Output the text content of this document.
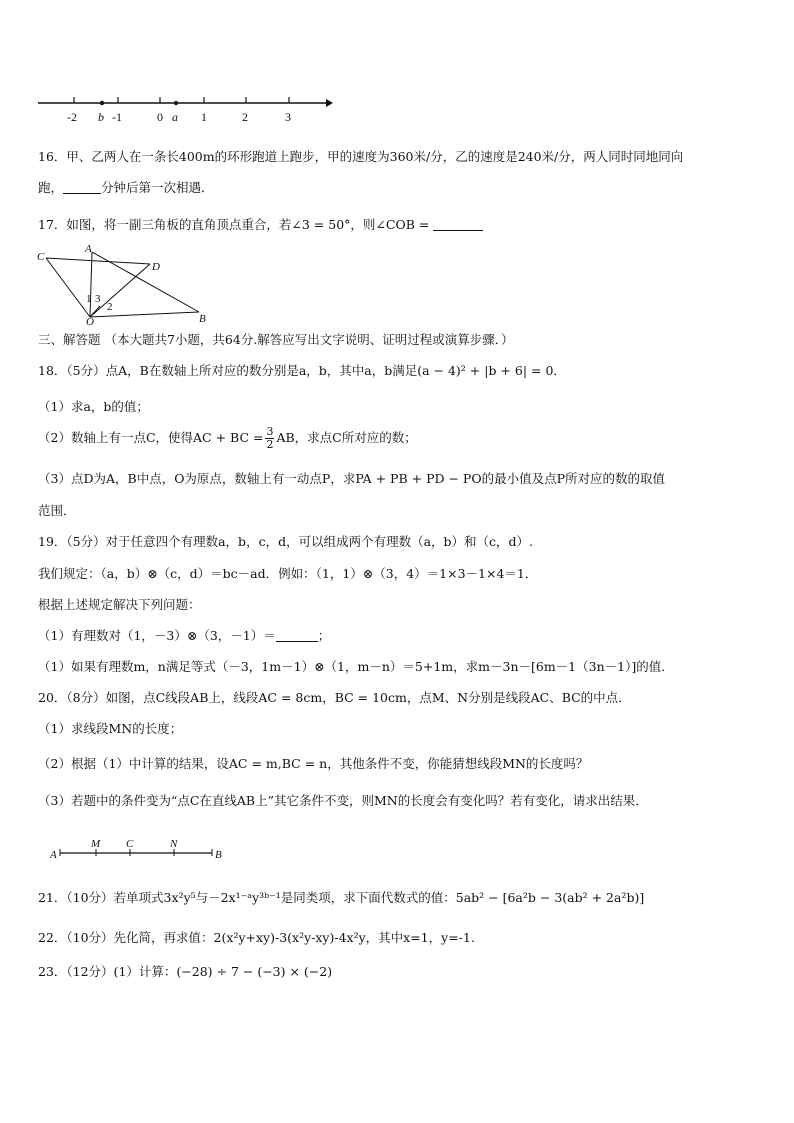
-2 b -1	0 a 1	2	3
16．甲、乙两人在一条长400m的环形跑道上跑步，甲的速度为360米/分，乙的速度是240米/分，两人同时同地同向
跑，	分钟后第一次相遇．
17．如图，将一副三角板的直角顶点重合，若∠3 = 50°，则∠COB =
C
A
D
1 3
2
O	B
三、解答题 （本大题共7小题，共64分.解答应写出文字说明、证明过程或演算步骤．）
18．（5分）点A，B在数轴上所对应的数分别是a，b，其中a，b满足(a − 4)² + |b + 6| = 0．
（1）求a，b的值；
（2）数轴上有一点C，使得AC + BC = $\frac{3}{2}$ AB，求点C所对应的数；
（3）点D为A，B中点，O为原点，数轴上有一动点P，求PA + PB + PD − PO的最小值及点P所对应的数的取值
范围．
19．（5分）对于任意四个有理数a，b，c，d，可以组成两个有理数（a，b）和（c，d）.
我们规定：（a，b）⊗（c，d）＝bc－ad．例如：（1，1）⊗（3，4）＝1×3－1×4＝1．
根据上述规定解决下列问题：
（1）有理数对（1，－3）⊗（3，－1）＝	；
（1）如果有理数m，n满足等式（－3，1m－1）⊗（1，m－n）＝5+1m，求m－3n－[6m－1（3n－1）]的值．
20．（8分）如图，点C线段AB上，线段AC = 8cm，BC = 10cm，点M、N分别是线段AC、BC的中点．
（1）求线段MN的长度；
（2）根据（1）中计算的结果，设AC = m,BC = n，其他条件不变，你能猜想线段MN的长度吗？
（3）若题中的条件变为“点C在直线AB上”其它条件不变，则MN的长度会有变化吗？若有变化，请求出结果．
A
M C	N
B
21．（10分）若单项式3x²y⁵与－2x¹⁻ᵃy³ᵇ⁻¹是同类项，求下面代数式的值：5ab² − [6a²b − 3(ab² + 2a²b)]
22．（10分）先化简，再求值：2(x²y+xy)-3(x²y-xy)-4x²y，其中x=1，y=-1.
23．（12分）(1）计算：(−28) ÷ 7 − (−3) × (−2)
